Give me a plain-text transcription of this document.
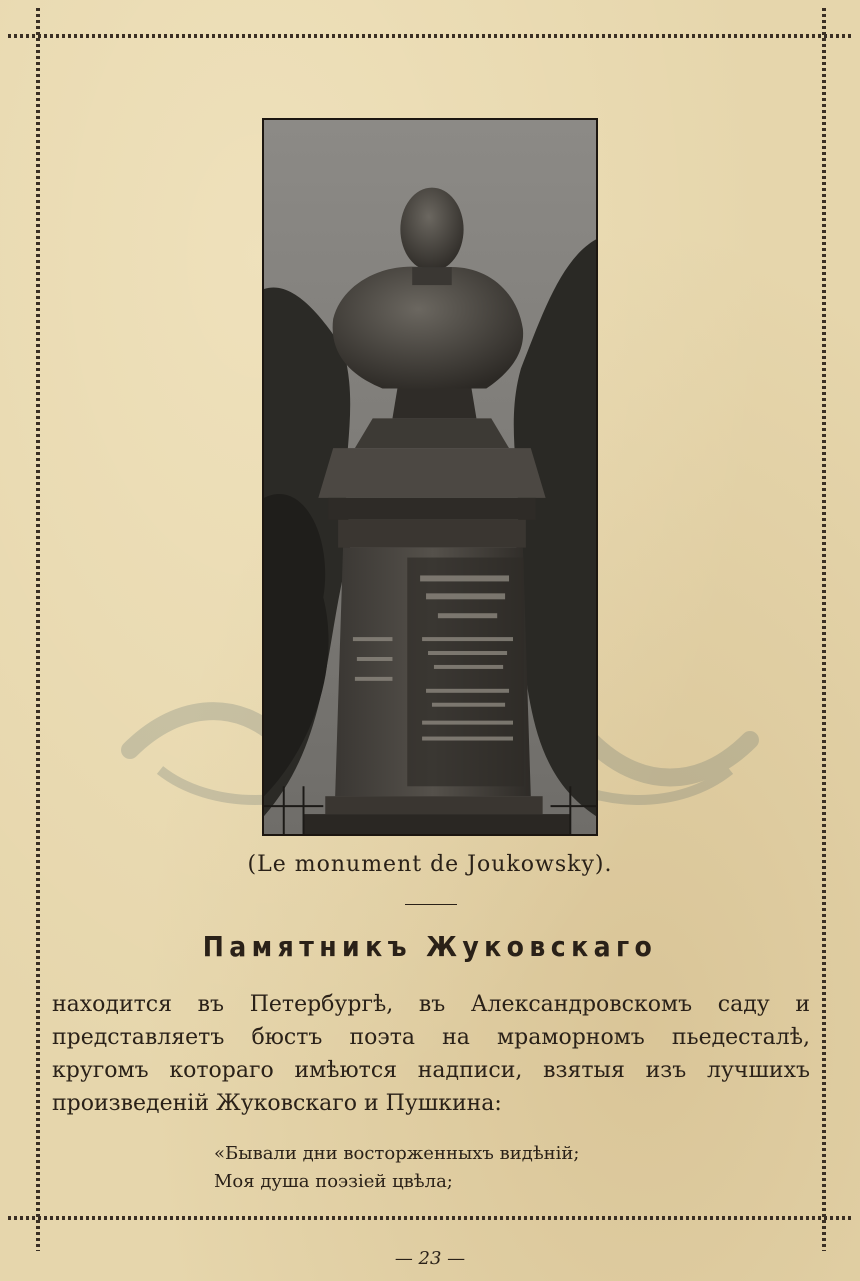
(Le monument de Joukowsky).
Памятникъ Жуковскаго
находится въ Петербургѣ, въ Александровскомъ саду и
представляетъ бюстъ поэта на мраморномъ пьедесталѣ,
кругомъ котораго имѣются надписи, взятыя изъ лучшихъ
произведенiй Жуковскаго и Пушкина:
«Бывали дни восторженныхъ видѣнiй;
Моя душа поэзiей цвѣла;
— 23 —
